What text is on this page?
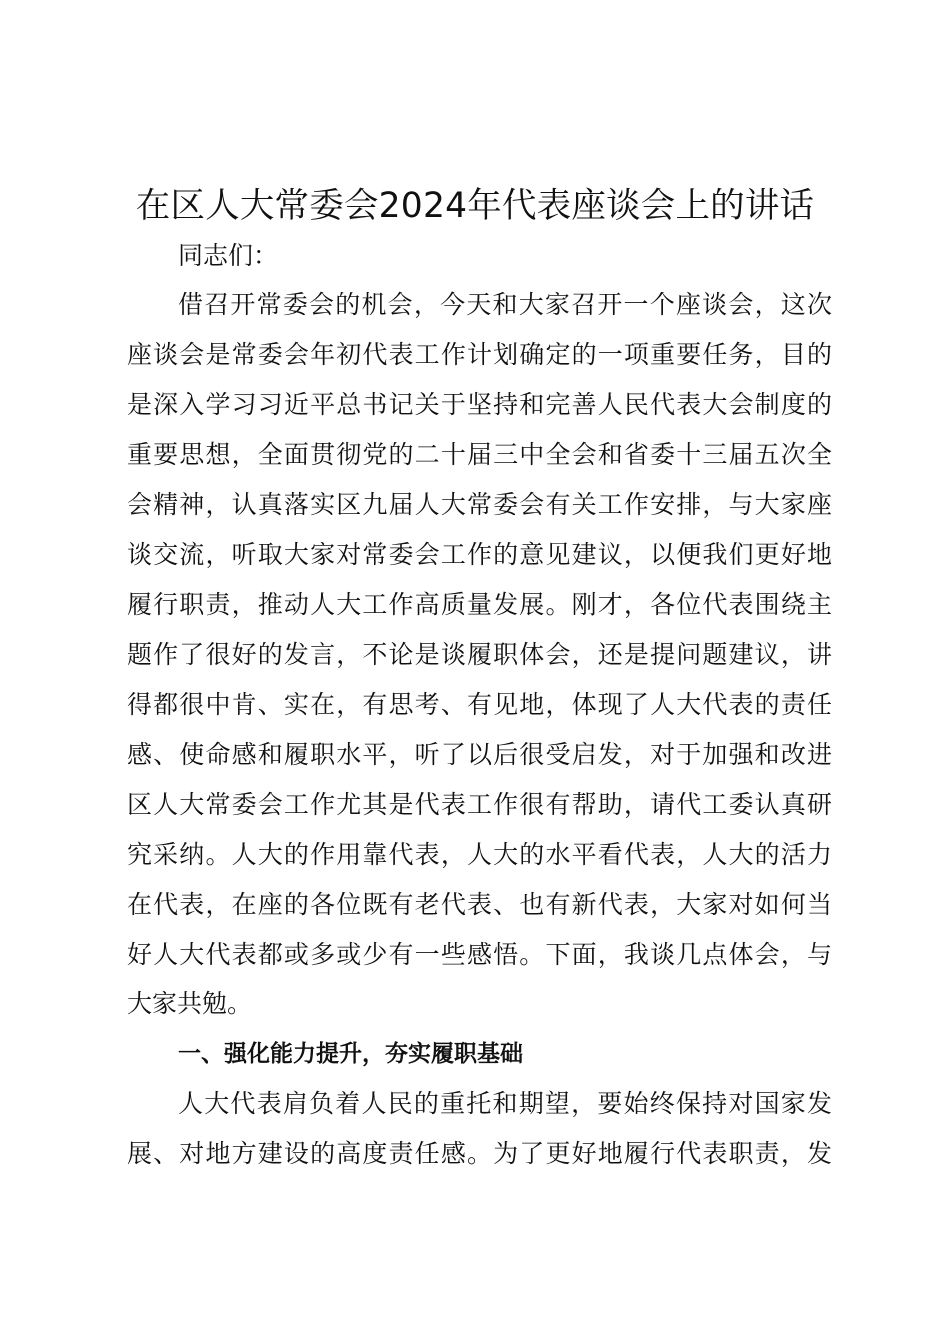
在区人大常委会2024年代表座谈会上的讲话

同志们：

借召开常委会的机会，今天和大家召开一个座谈会，这次

座谈会是常委会年初代表工作计划确定的一项重要任务，目的

是深入学习习近平总书记关于坚持和完善人民代表大会制度的

重要思想，全面贯彻党的二十届三中全会和省委十三届五次全

会精神，认真落实区九届人大常委会有关工作安排，与大家座

谈交流，听取大家对常委会工作的意见建议，以便我们更好地

履行职责，推动人大工作高质量发展。刚才，各位代表围绕主

题作了很好的发言，不论是谈履职体会，还是提问题建议，讲

得都很中肯、实在，有思考、有见地，体现了人大代表的责任

感、使命感和履职水平，听了以后很受启发，对于加强和改进

区人大常委会工作尤其是代表工作很有帮助，请代工委认真研

究采纳。人大的作用靠代表，人大的水平看代表，人大的活力

在代表，在座的各位既有老代表、也有新代表，大家对如何当

好人大代表都或多或少有一些感悟。下面，我谈几点体会，与

大家共勉。

一、强化能力提升，夯实履职基础

人大代表肩负着人民的重托和期望，要始终保持对国家发

展、对地方建设的高度责任感。为了更好地履行代表职责，发
